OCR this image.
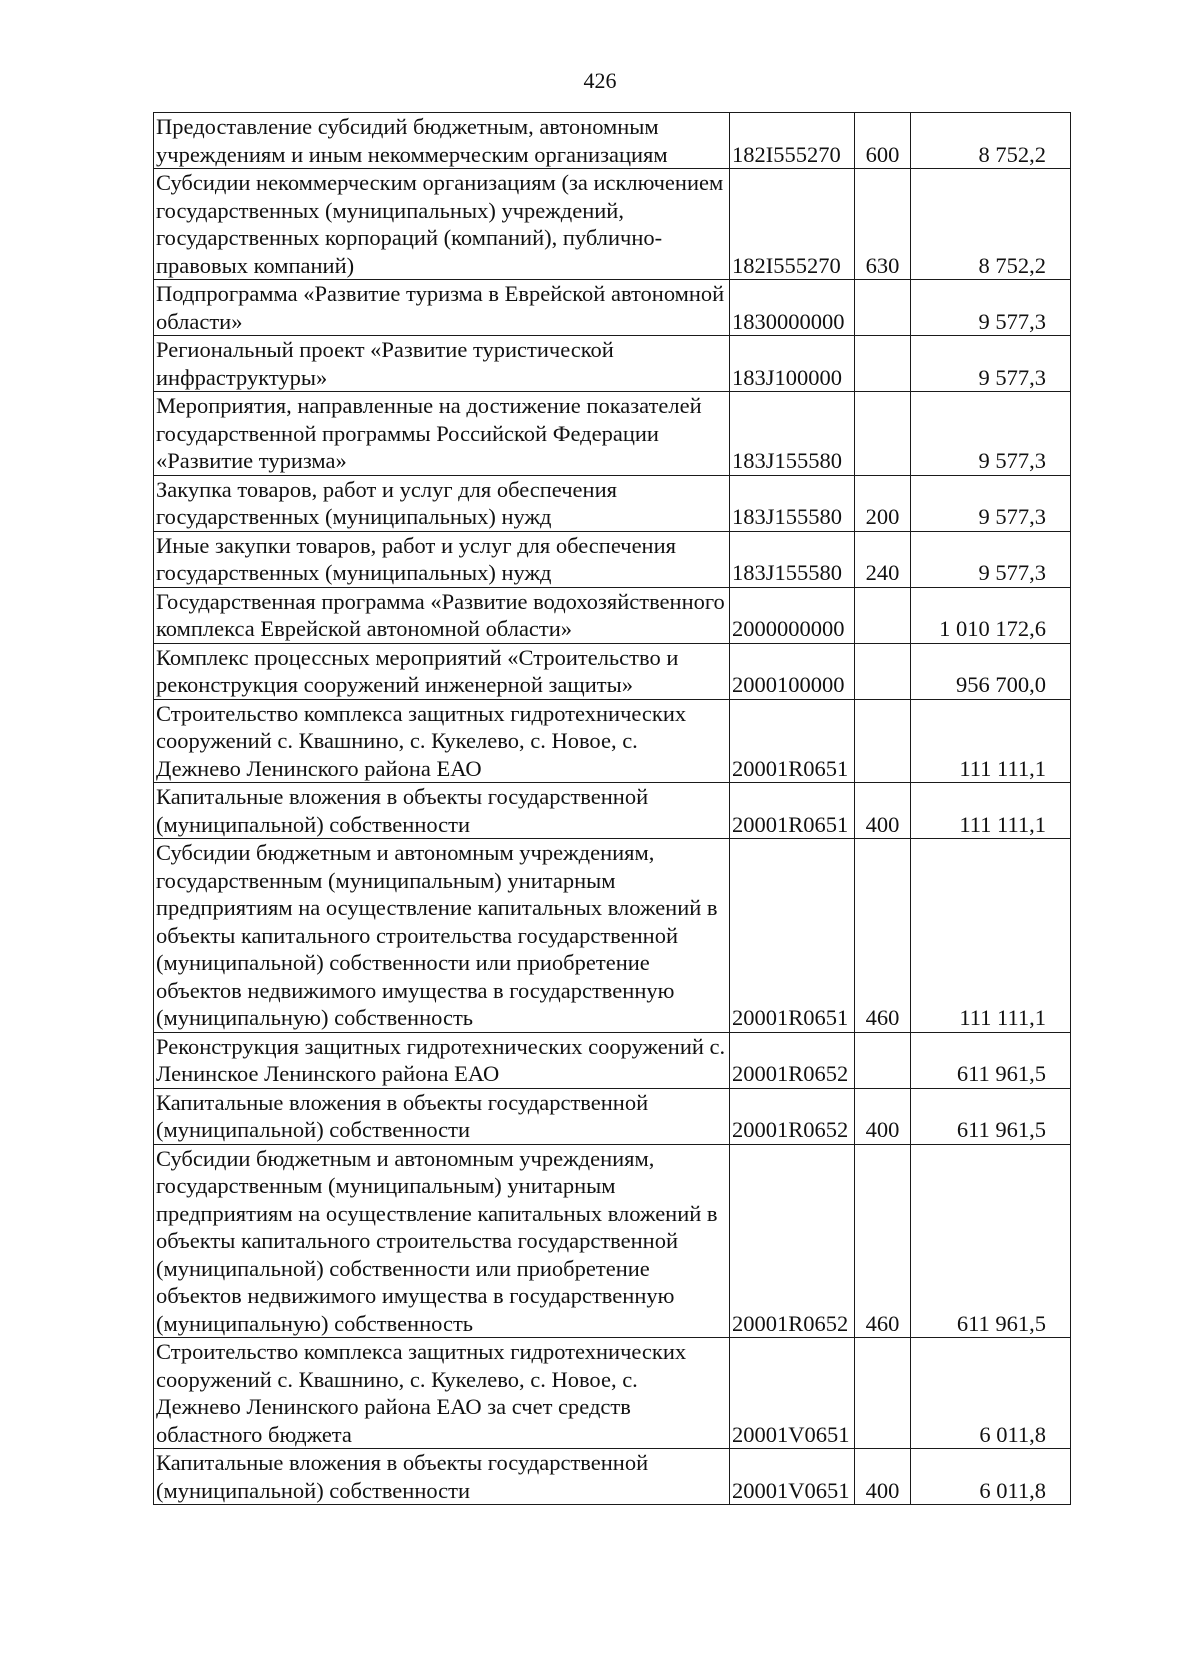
426
Предоставление субсидий бюджетным, автономным учреждениям и иным некоммерческим организациям	182I555270	600	8 752,2
Субсидии некоммерческим организациям (за исключением государственных (муниципальных) учреждений, государственных корпораций (компаний), публично-правовых компаний)	182I555270	630	8 752,2
Подпрограмма «Развитие туризма в Еврейской автономной области»	1830000000		9 577,3
Региональный проект «Развитие туристической инфраструктуры»	183J100000		9 577,3
Мероприятия, направленные на достижение показателей государственной программы Российской Федерации «Развитие туризма»	183J155580		9 577,3
Закупка товаров, работ и услуг для обеспечения государственных (муниципальных) нужд	183J155580	200	9 577,3
Иные закупки товаров, работ и услуг для обеспечения государственных (муниципальных) нужд	183J155580	240	9 577,3
Государственная программа «Развитие водохозяйственного комплекса Еврейской автономной области»	2000000000		1 010 172,6
Комплекс процессных мероприятий «Строительство и реконструкция сооружений инженерной защиты»	2000100000		956 700,0
Строительство комплекса защитных гидротехнических сооружений с. Квашнино, с. Кукелево, с. Новое, с. Дежнево Ленинского района ЕАО	20001R0651		111 111,1
Капитальные вложения в объекты государственной (муниципальной) собственности	20001R0651	400	111 111,1
Субсидии бюджетным и автономным учреждениям, государственным (муниципальным) унитарным предприятиям на осуществление капитальных вложений в объекты капитального строительства государственной (муниципальной) собственности или приобретение объектов недвижимого имущества в государственную (муниципальную) собственность	20001R0651	460	111 111,1
Реконструкция защитных гидротехнических сооружений с. Ленинское Ленинского района ЕАО	20001R0652		611 961,5
Капитальные вложения в объекты государственной (муниципальной) собственности	20001R0652	400	611 961,5
Субсидии бюджетным и автономным учреждениям, государственным (муниципальным) унитарным предприятиям на осуществление капитальных вложений в объекты капитального строительства государственной (муниципальной) собственности или приобретение объектов недвижимого имущества в государственную (муниципальную) собственность	20001R0652	460	611 961,5
Строительство комплекса защитных гидротехнических сооружений с. Квашнино, с. Кукелево, с. Новое, с. Дежнево Ленинского района ЕАО за счет средств областного бюджета	20001V0651		6 011,8
Капитальные вложения в объекты государственной (муниципальной) собственности	20001V0651	400	6 011,8
